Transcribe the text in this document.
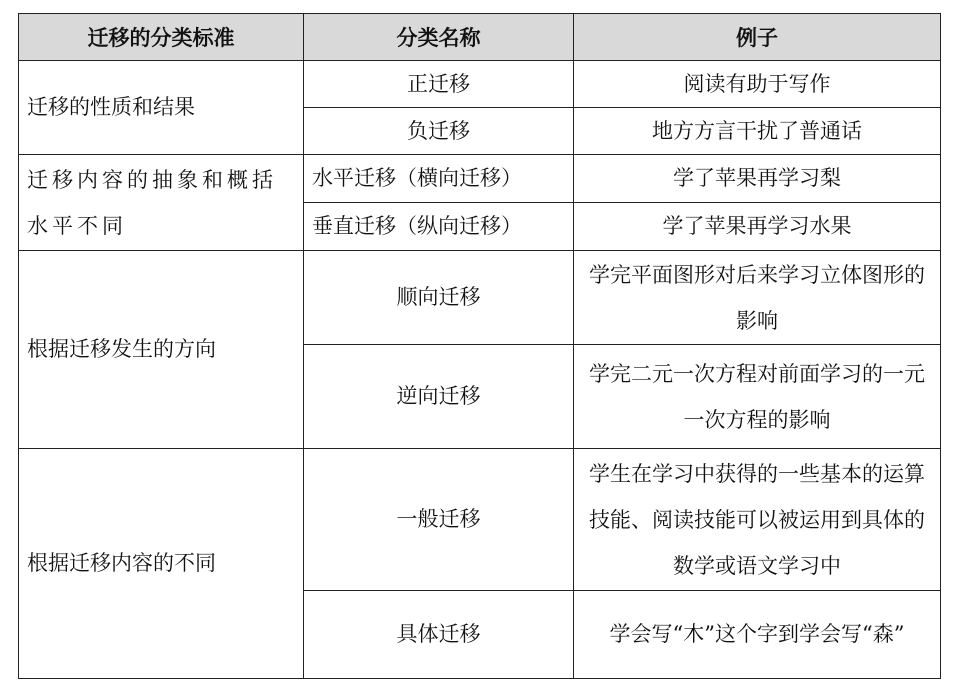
迁移的分类标准	分类名称	例子
迁移的性质和结果	正迁移	阅读有助于写作
	负迁移	地方方言干扰了普通话
迁移内容的抽象和概括水平不同	水平迁移（横向迁移）	学了苹果再学习梨
	垂直迁移（纵向迁移）	学了苹果再学习水果
根据迁移发生的方向	顺向迁移	学完平面图形对后来学习立体图形的影响
	逆向迁移	学完二元一次方程对前面学习的一元一次方程的影响
根据迁移内容的不同	一般迁移	学生在学习中获得的一些基本的运算技能、阅读技能可以被运用到具体的数学或语文学习中
	具体迁移	学会写“木”这个字到学会写“森”
